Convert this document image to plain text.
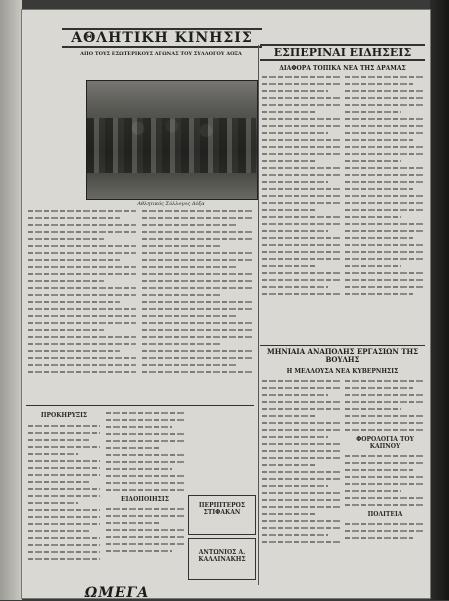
ΑΘΛΗΤΙΚΗ ΚΙΝΗΣΙΣ
ΑΠΟ ΤΟΥΣ ΕΣΩΤΕΡΙΚΟΥΣ ΑΓΩΝΑΣ ΤΟΥ ΣΥΛΛΟΓΟΥ ΔΟΞΑ
Αθλητικός Σύλλογος Δόξα
ΠΡΟΚΗΡΥΞΙΣ
ΕΙΔΟΠΟΙΗΣΙΣ
ΠΕΡΙΠΤΕΡΟΣ ΣΤΙΦΑΚΑΝ
ΑΝΤΩΝΙΟΣ Α. ΚΑΛΛΙΝΑΚΗΣ
ΩΜΕΓΑ
ΕΣΠΕΡΙΝΑΙ ΕΙΔΗΣΕΙΣ
ΔΙΑΦΟΡΑ ΤΟΠΙΚΑ ΝΕΑ ΤΗΣ ΔΡΑΜΑΣ
ΜΗΝΙΑΙΑ ΑΝΑΠΟΛΗΣ ΕΡΓΑΣΙΩΝ ΤΗΣ ΒΟΥΛΗΣ
Η ΜΕΛΛΟΥΣΑ ΝΕΑ ΚΥΒΕΡΝΗΣΙΣ
ΦΟΡΟΛΟΓΙΑ ΤΟΥ ΚΑΠΝΟΥ
ΠΟΛΙΤΕΙΑ
